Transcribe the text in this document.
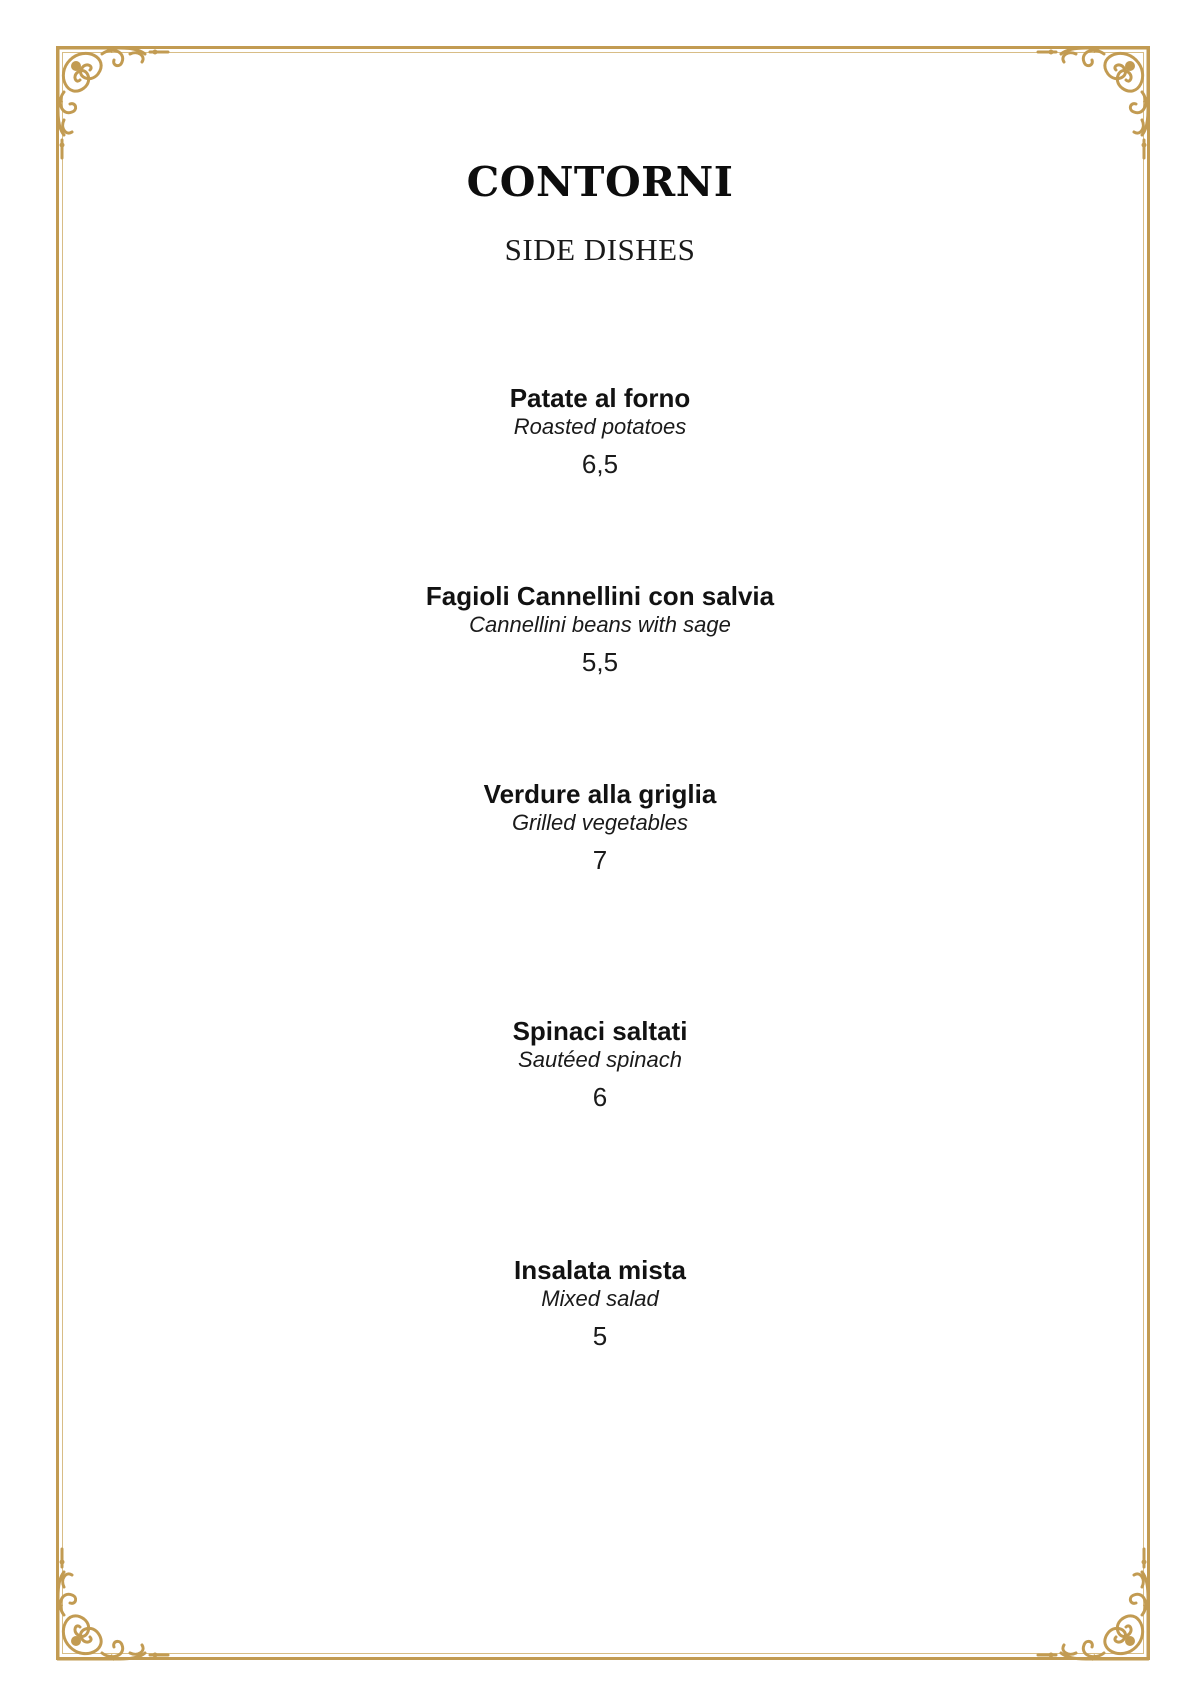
CONTORNI
SIDE DISHES
Patate al forno
Roasted potatoes
6,5
Fagioli Cannellini con salvia
Cannellini beans with sage
5,5
Verdure alla griglia
Grilled vegetables
7
Spinaci saltati
Sautéed spinach
6
Insalata mista
Mixed salad
5
